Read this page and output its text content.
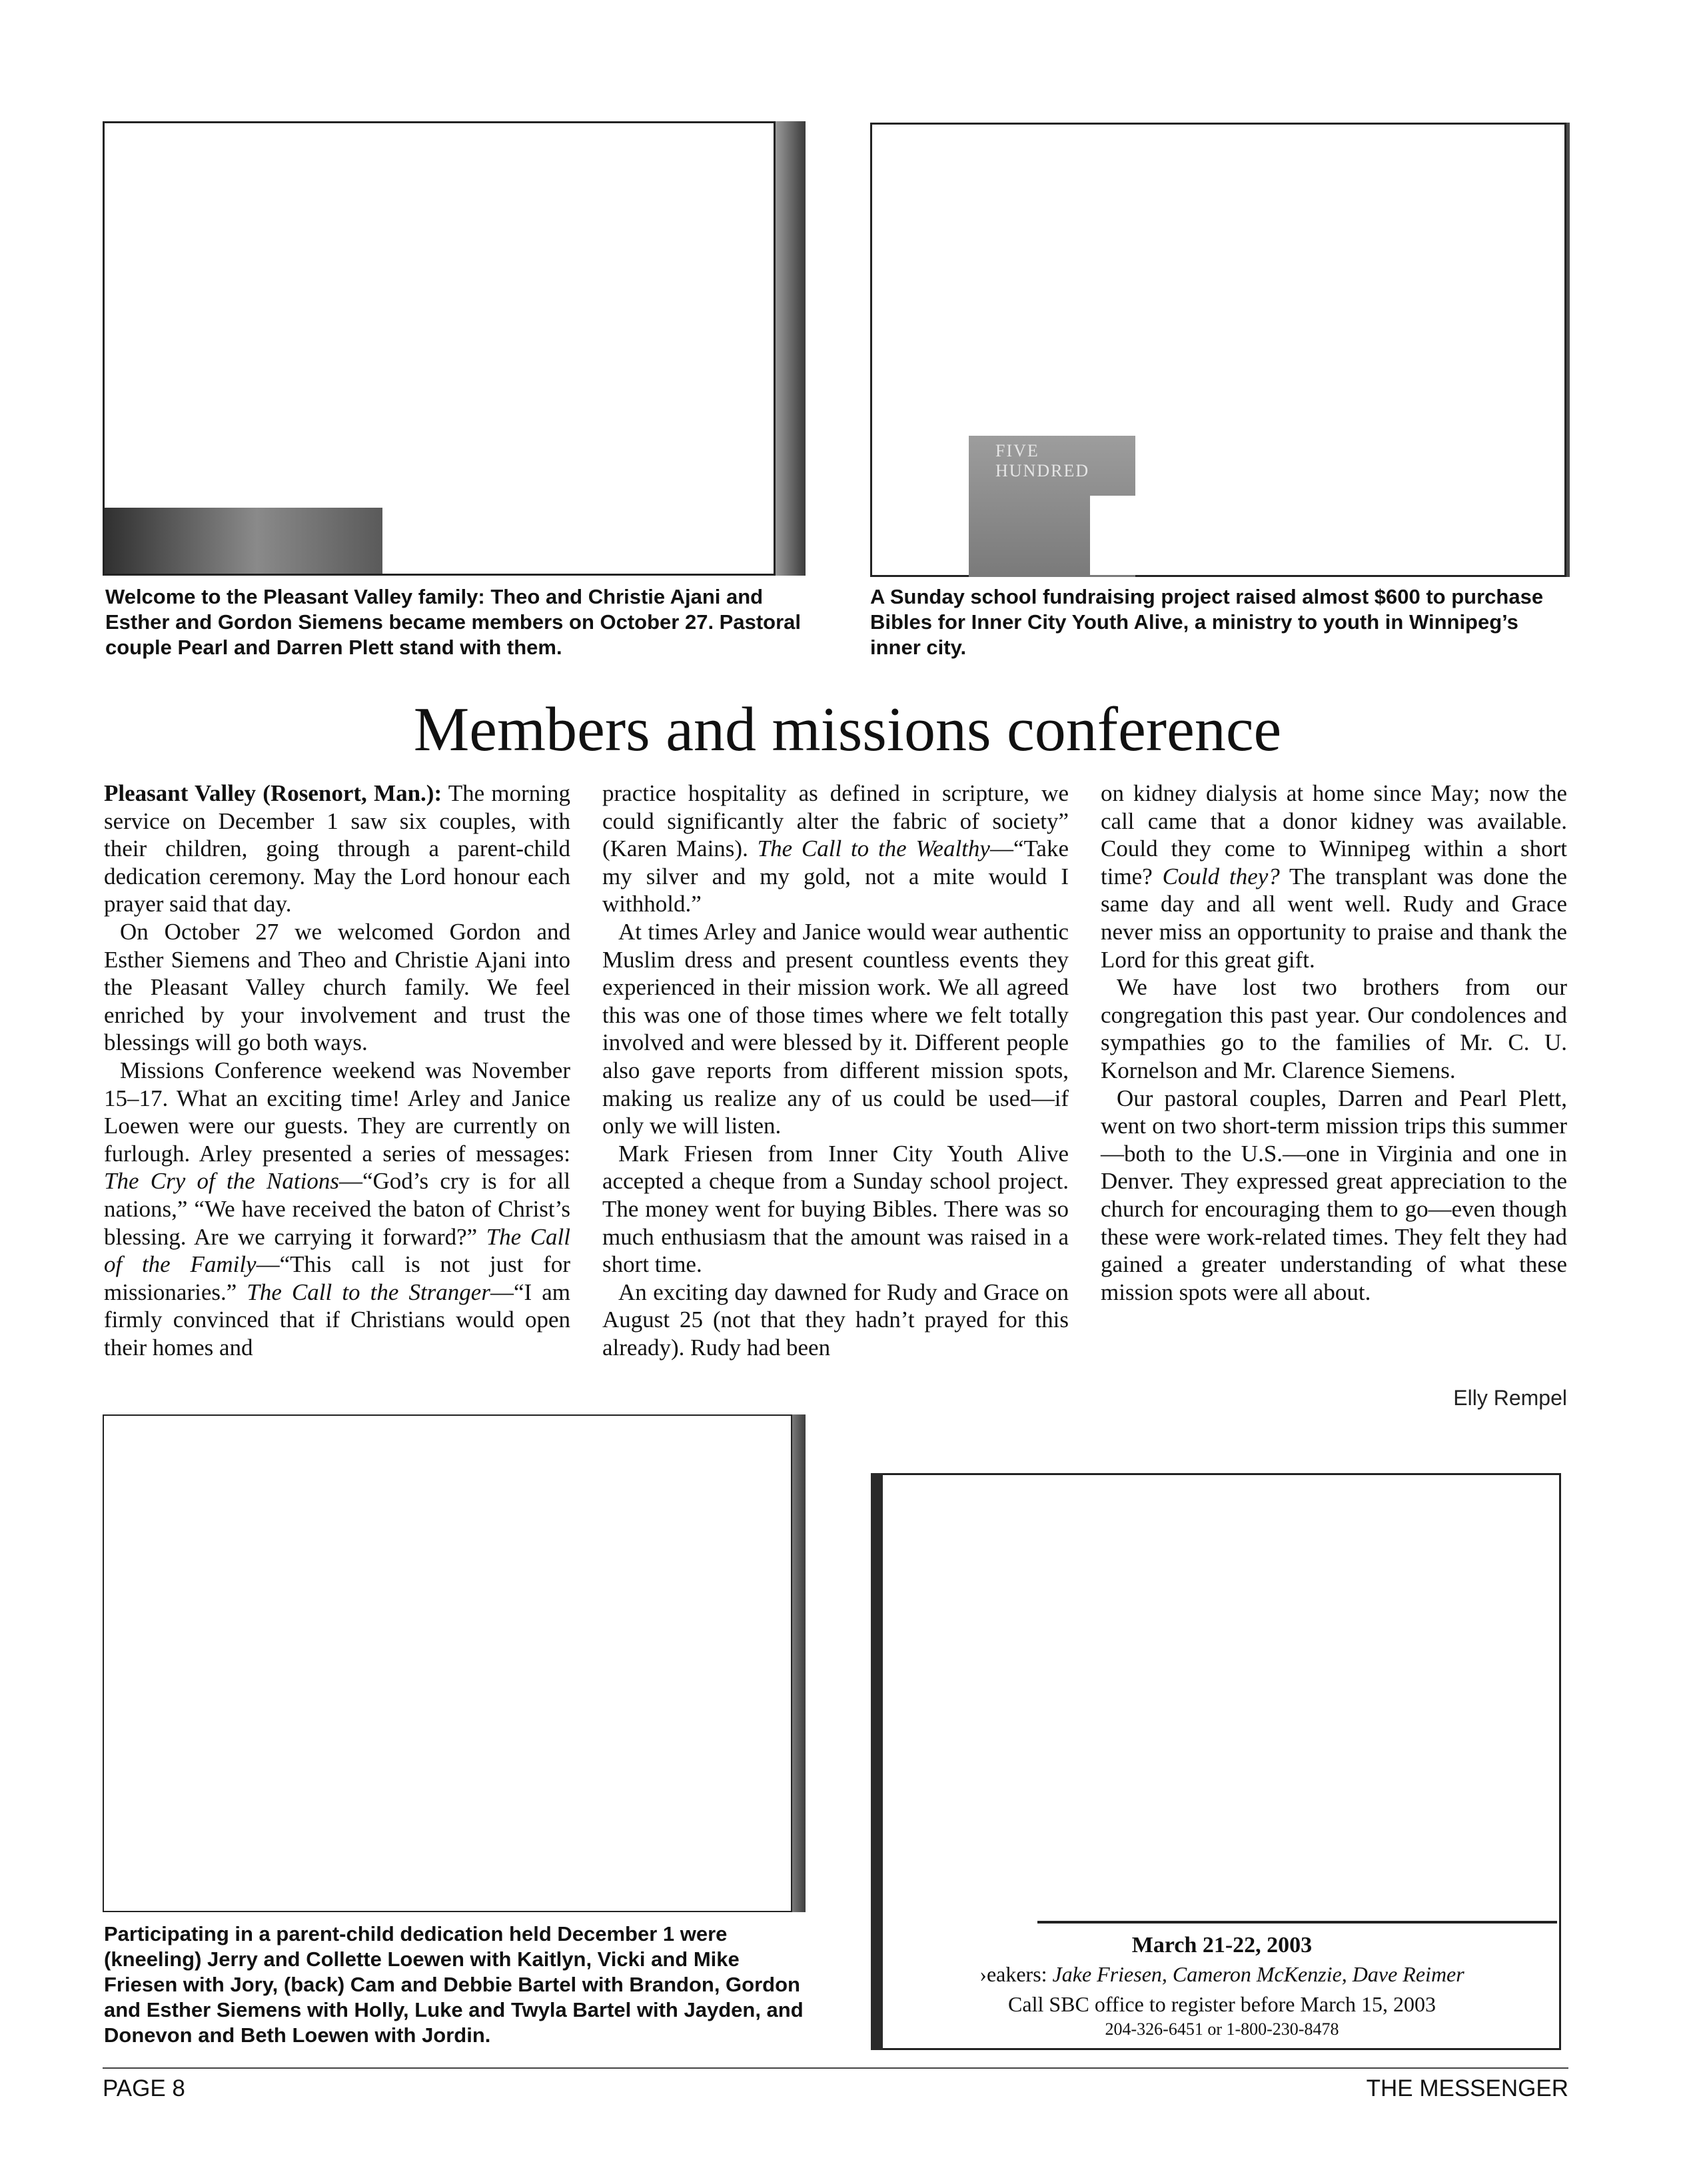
Welcome to the Pleasant Valley family: Theo and Christie Ajani and Esther and Gordon Siemens became members on October 27. Pastoral couple Pearl and Darren Plett stand with them.

FIVE HUNDRED

A Sunday school fundraising project raised almost $600 to purchase Bibles for Inner City Youth Alive, a ministry to youth in Winnipeg’s inner city.

Members and missions conference

Pleasant Valley (Rosenort, Man.): The morning service on December 1 saw six couples, with their children, going through a parent-child dedication ceremony. May the Lord honour each prayer said that day.

On October 27 we welcomed Gordon and Esther Siemens and Theo and Christie Ajani into the Pleasant Valley church family. We feel enriched by your involvement and trust the blessings will go both ways.

Missions Conference weekend was November 15–17. What an exciting time! Arley and Janice Loewen were our guests. They are currently on furlough. Arley presented a series of messages: The Cry of the Nations—“God’s cry is for all nations,” “We have received the baton of Christ’s blessing. Are we carrying it forward?” The Call of the Family—“This call is not just for missionaries.” The Call to the Stranger—“I am firmly convinced that if Christians would open their homes and

practice hospitality as defined in scripture, we could significantly alter the fabric of society” (Karen Mains). The Call to the Wealthy—“Take my silver and my gold, not a mite would I withhold.”

At times Arley and Janice would wear authentic Muslim dress and present countless events they experienced in their mission work. We all agreed this was one of those times where we felt totally involved and were blessed by it. Different people also gave reports from different mission spots, making us realize any of us could be used—if only we will listen.

Mark Friesen from Inner City Youth Alive accepted a cheque from a Sunday school project. The money went for buying Bibles. There was so much enthusiasm that the amount was raised in a short time.

An exciting day dawned for Rudy and Grace on August 25 (not that they hadn’t prayed for this already). Rudy had been

on kidney dialysis at home since May; now the call came that a donor kidney was available. Could they come to Winnipeg within a short time? Could they? The transplant was done the same day and all went well. Rudy and Grace never miss an opportunity to praise and thank the Lord for this great gift.

We have lost two brothers from our congregation this past year. Our condolences and sympathies go to the families of Mr. C. U. Kornelson and Mr. Clarence Siemens.

Our pastoral couples, Darren and Pearl Plett, went on two short-term mission trips this summer—both to the U.S.—one in Virginia and one in Denver. They expressed great appreciation to the church for encouraging them to go—even though these were work-related times. They felt they had gained a greater understanding of what these mission spots were all about.

Elly Rempel

Participating in a parent-child dedication held December 1 were (kneeling) Jerry and Collette Loewen with Kaitlyn, Vicki and Mike Friesen with Jory, (back) Cam and Debbie Bartel with Brandon, Gordon and Esther Siemens with Holly, Luke and Twyla Bartel with Jayden, and Donevon and Beth Loewen with Jordin.

March 21-22, 2003
›eakers: Jake Friesen, Cameron McKenzie, Dave Reimer
Call SBC office to register before March 15, 2003
204-326-6451 or 1-800-230-8478
PAGE 8	THE MESSENGER
